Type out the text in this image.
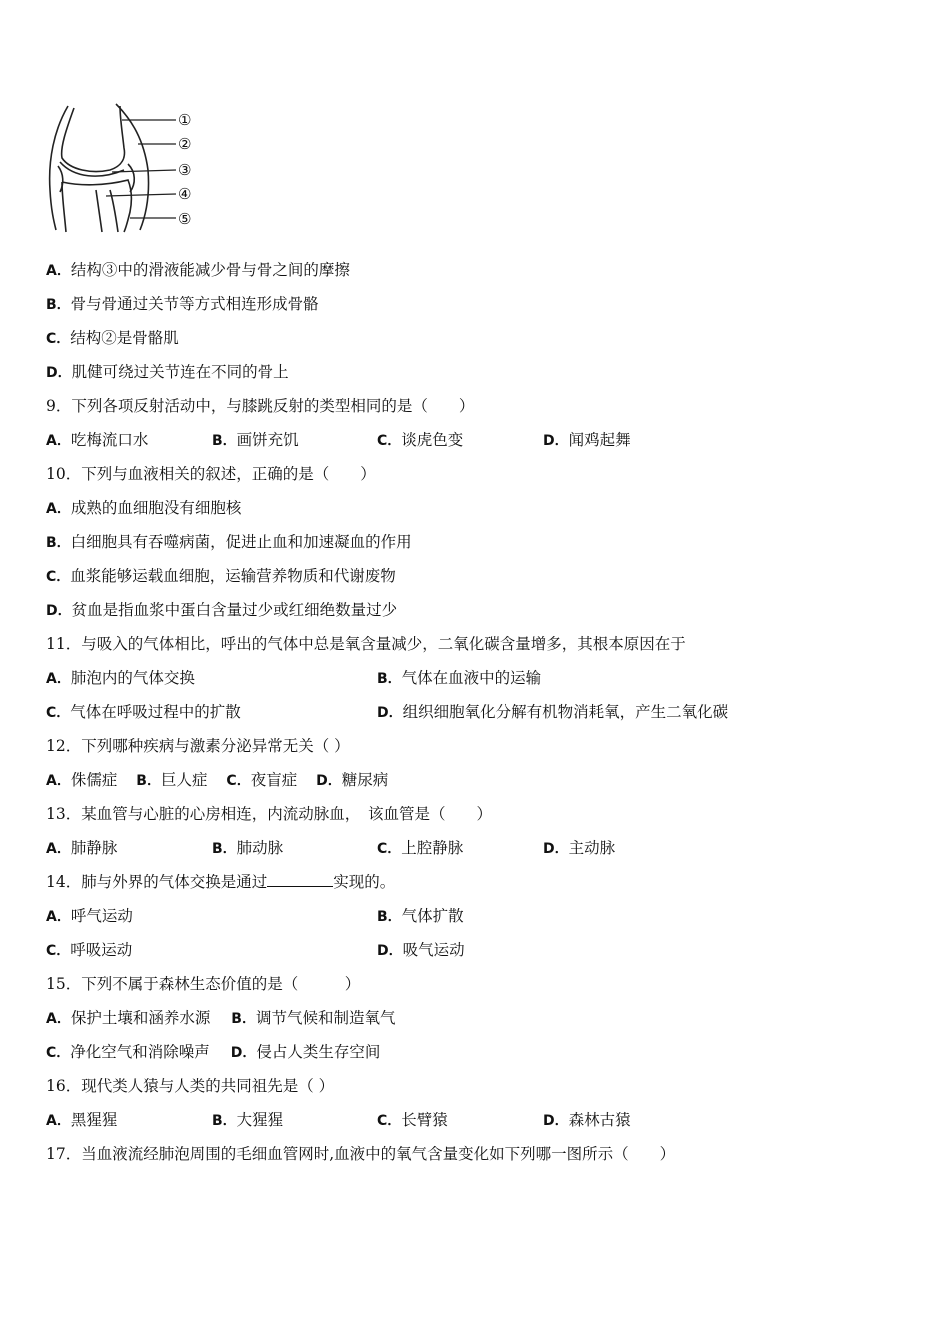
①
②
③
④
⑤
A．结构③中的滑液能减少骨与骨之间的摩擦
B．骨与骨通过关节等方式相连形成骨骼
C．结构②是骨骼肌
D．肌健可绕过关节连在不同的骨上
9．下列各项反射活动中，与膝跳反射的类型相同的是（　　）
A．吃梅流口水	B．画饼充饥	C．谈虎色变	D．闻鸡起舞
10．下列与血液相关的叙述，正确的是（　　）
A．成熟的血细胞没有细胞核
B．白细胞具有吞噬病菌，促进止血和加速凝血的作用
C．血浆能够运载血细胞，运输营养物质和代谢废物
D．贫血是指血浆中蛋白含量过少或红细绝数量过少
11．与吸入的气体相比，呼出的气体中总是氧含量减少，二氧化碳含量增多，其根本原因在于
A．肺泡内的气体交换	B．气体在血液中的运输
C．气体在呼吸过程中的扩散	D．组织细胞氧化分解有机物消耗氧，产生二氧化碳
12．下列哪种疾病与激素分泌异常无关（ ）
A．侏儒症 B．巨人症 C．夜盲症 D．糖尿病
13．某血管与心脏的心房相连，内流动脉血，　该血管是（　　）
A．肺静脉	B．肺动脉	C．上腔静脉	D．主动脉
14．肺与外界的气体交换是通过	实现的。
A．呼气运动	B．气体扩散
C．呼吸运动	D．吸气运动
15．下列不属于森林生态价值的是（　　　）
A．保护土壤和涵养水源 B．调节气候和制造氧气
C．净化空气和消除噪声 D．侵占人类生存空间
16．现代类人猿与人类的共同祖先是（ ）
A．黑猩猩	B．大猩猩	C．长臂猿	D．森林古猿
17．当血液流经肺泡周围的毛细血管网时,血液中的氧气含量变化如下列哪一图所示（　　）
